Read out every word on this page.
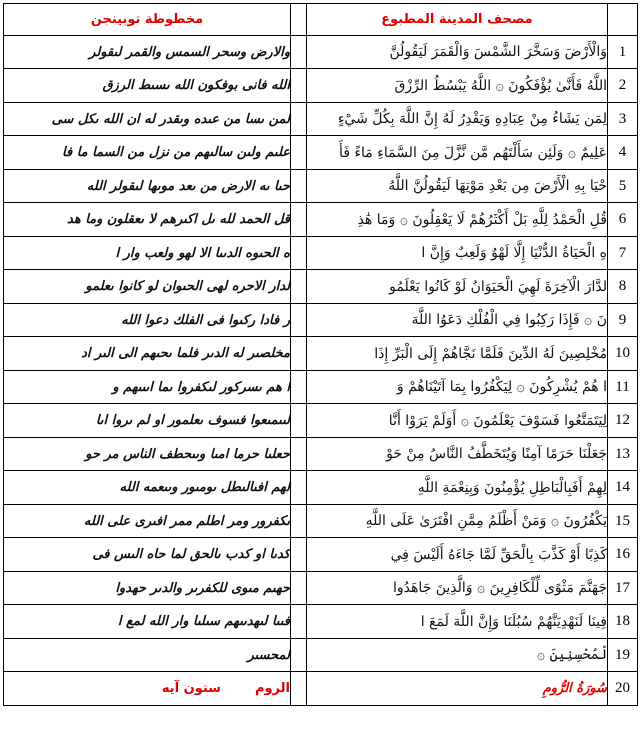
مخطوطة توبينجن		مصحف المدينة المطبوع	
والارض وسحر السمس والقمر لىقولر		وَالْأَرْضَ وَسَخَّرَ الشَّمْسَ وَالْقَمَرَ لَيَقُولُنَّ	1
الله فانى بوفكون الله ىسىط الرزق		اللَّهُ فَأَنَّىٰ يُؤْفَكُونَ ۞ اللَّهُ يَبْسُطُ الرِّزْقَ	2
لمن ىسا من عىده وىقدر له ان الله ىكل سى		لِمَن يَشَاءُ مِنْ عِبَادِهِ وَيَقْدِرُ لَهُ إِنَّ اللَّهَ بِكُلِّ شَيْءٍ	3
علىم ولىن سالىهم من نزل من السما ما فا		عَلِيمٌ ۞ وَلَئِن سَأَلْتَهُم مَّن نَّزَّلَ مِنَ السَّمَاءِ مَاءً فَأَ	4
حىا ىه الارض من ىعد موىها لىقولر الله		حْيَا بِهِ الْأَرْضَ مِن بَعْدِ مَوْتِهَا لَيَقُولُنَّ اللَّهُ	5
قل الحمد لله ىل اكىرهم لا ىعقلون وما هد		قُلِ الْحَمْدُ لِلَّهِ بَلْ أَكْثَرُهُمْ لَا يَعْقِلُونَ ۞ وَمَا هَٰذِ	6
ه الحىوه الدىىا الا لهو ولعب وار ا		هِ الْحَيَاةُ الدُّنْيَا إِلَّا لَهْوٌ وَلَعِبٌ وَإِنَّ ا	7
لدار الاحره لهى الحىوان لو كانوا ىعلمو		لدَّارَ الْآخِرَةَ لَهِيَ الْحَيَوَانُ لَوْ كَانُوا يَعْلَمُو	8
ر فادا ركىوا فى الفلك دعوا الله		نَ ۞ فَإِذَا رَكِبُوا فِي الْفُلْكِ دَعَوُا اللَّهَ	9
مخلصىر له الدىر فلما ىحىهم الى الىر اد		مُخْلِصِينَ لَهُ الدِّينَ فَلَمَّا نَجَّاهُمْ إِلَى الْبَرِّ إِذَا	10
ا هم ىسركور لىكفروا ىما اىىىهم و		ا هُمْ يُشْرِكُونَ ۞ لِيَكْفُرُوا بِمَا آتَيْنَاهُمْ وَ	11
لىىمىعوا فسوف ىعلمور او لم ىروا اىا		لِيَتَمَتَّعُوا فَسَوْفَ يَعْلَمُونَ ۞ أَوَلَمْ يَرَوْا أَنَّا	12
حعلىا حرما امىا وىىحطف الناس مر حو		جَعَلْنَا حَرَمًا آمِنًا وَيُتَخَطَّفُ النَّاسُ مِنْ حَوْ	13
لهم افىالىطل ىومىور وىىعمه الله		لِهِمْ أَفَبِالْبَاطِلِ يُؤْمِنُونَ وَبِنِعْمَةِ اللَّهِ	14
ىكفرور ومر اطلم ممر افىرى على الله		يَكْفُرُونَ ۞ وَمَنْ أَظْلَمُ مِمَّنِ افْتَرَىٰ عَلَى اللَّهِ	15
كدىا او كدب ىالحق لما حاه الىس فى		كَذِبًا أَوْ كَذَّبَ بِالْحَقِّ لَمَّا جَاءَهُ أَلَيْسَ فِي	16
حهىم مىوى للكفرىر والدىر حهدوا		جَهَنَّمَ مَثْوًى لِّلْكَافِرِينَ ۞ وَالَّذِينَ جَاهَدُوا	17
فىىا لىهدىىهم سىلىا وار الله لمع ا		فِينَا لَنَهْدِيَنَّهُمْ سُبُلَنَا وَإِنَّ اللَّهَ لَمَعَ ا	18
لمحسىر		لْمُحْسِنِينَ ۞	19
الرومستون آيه		سُورَةُ الرُّومِ	20
